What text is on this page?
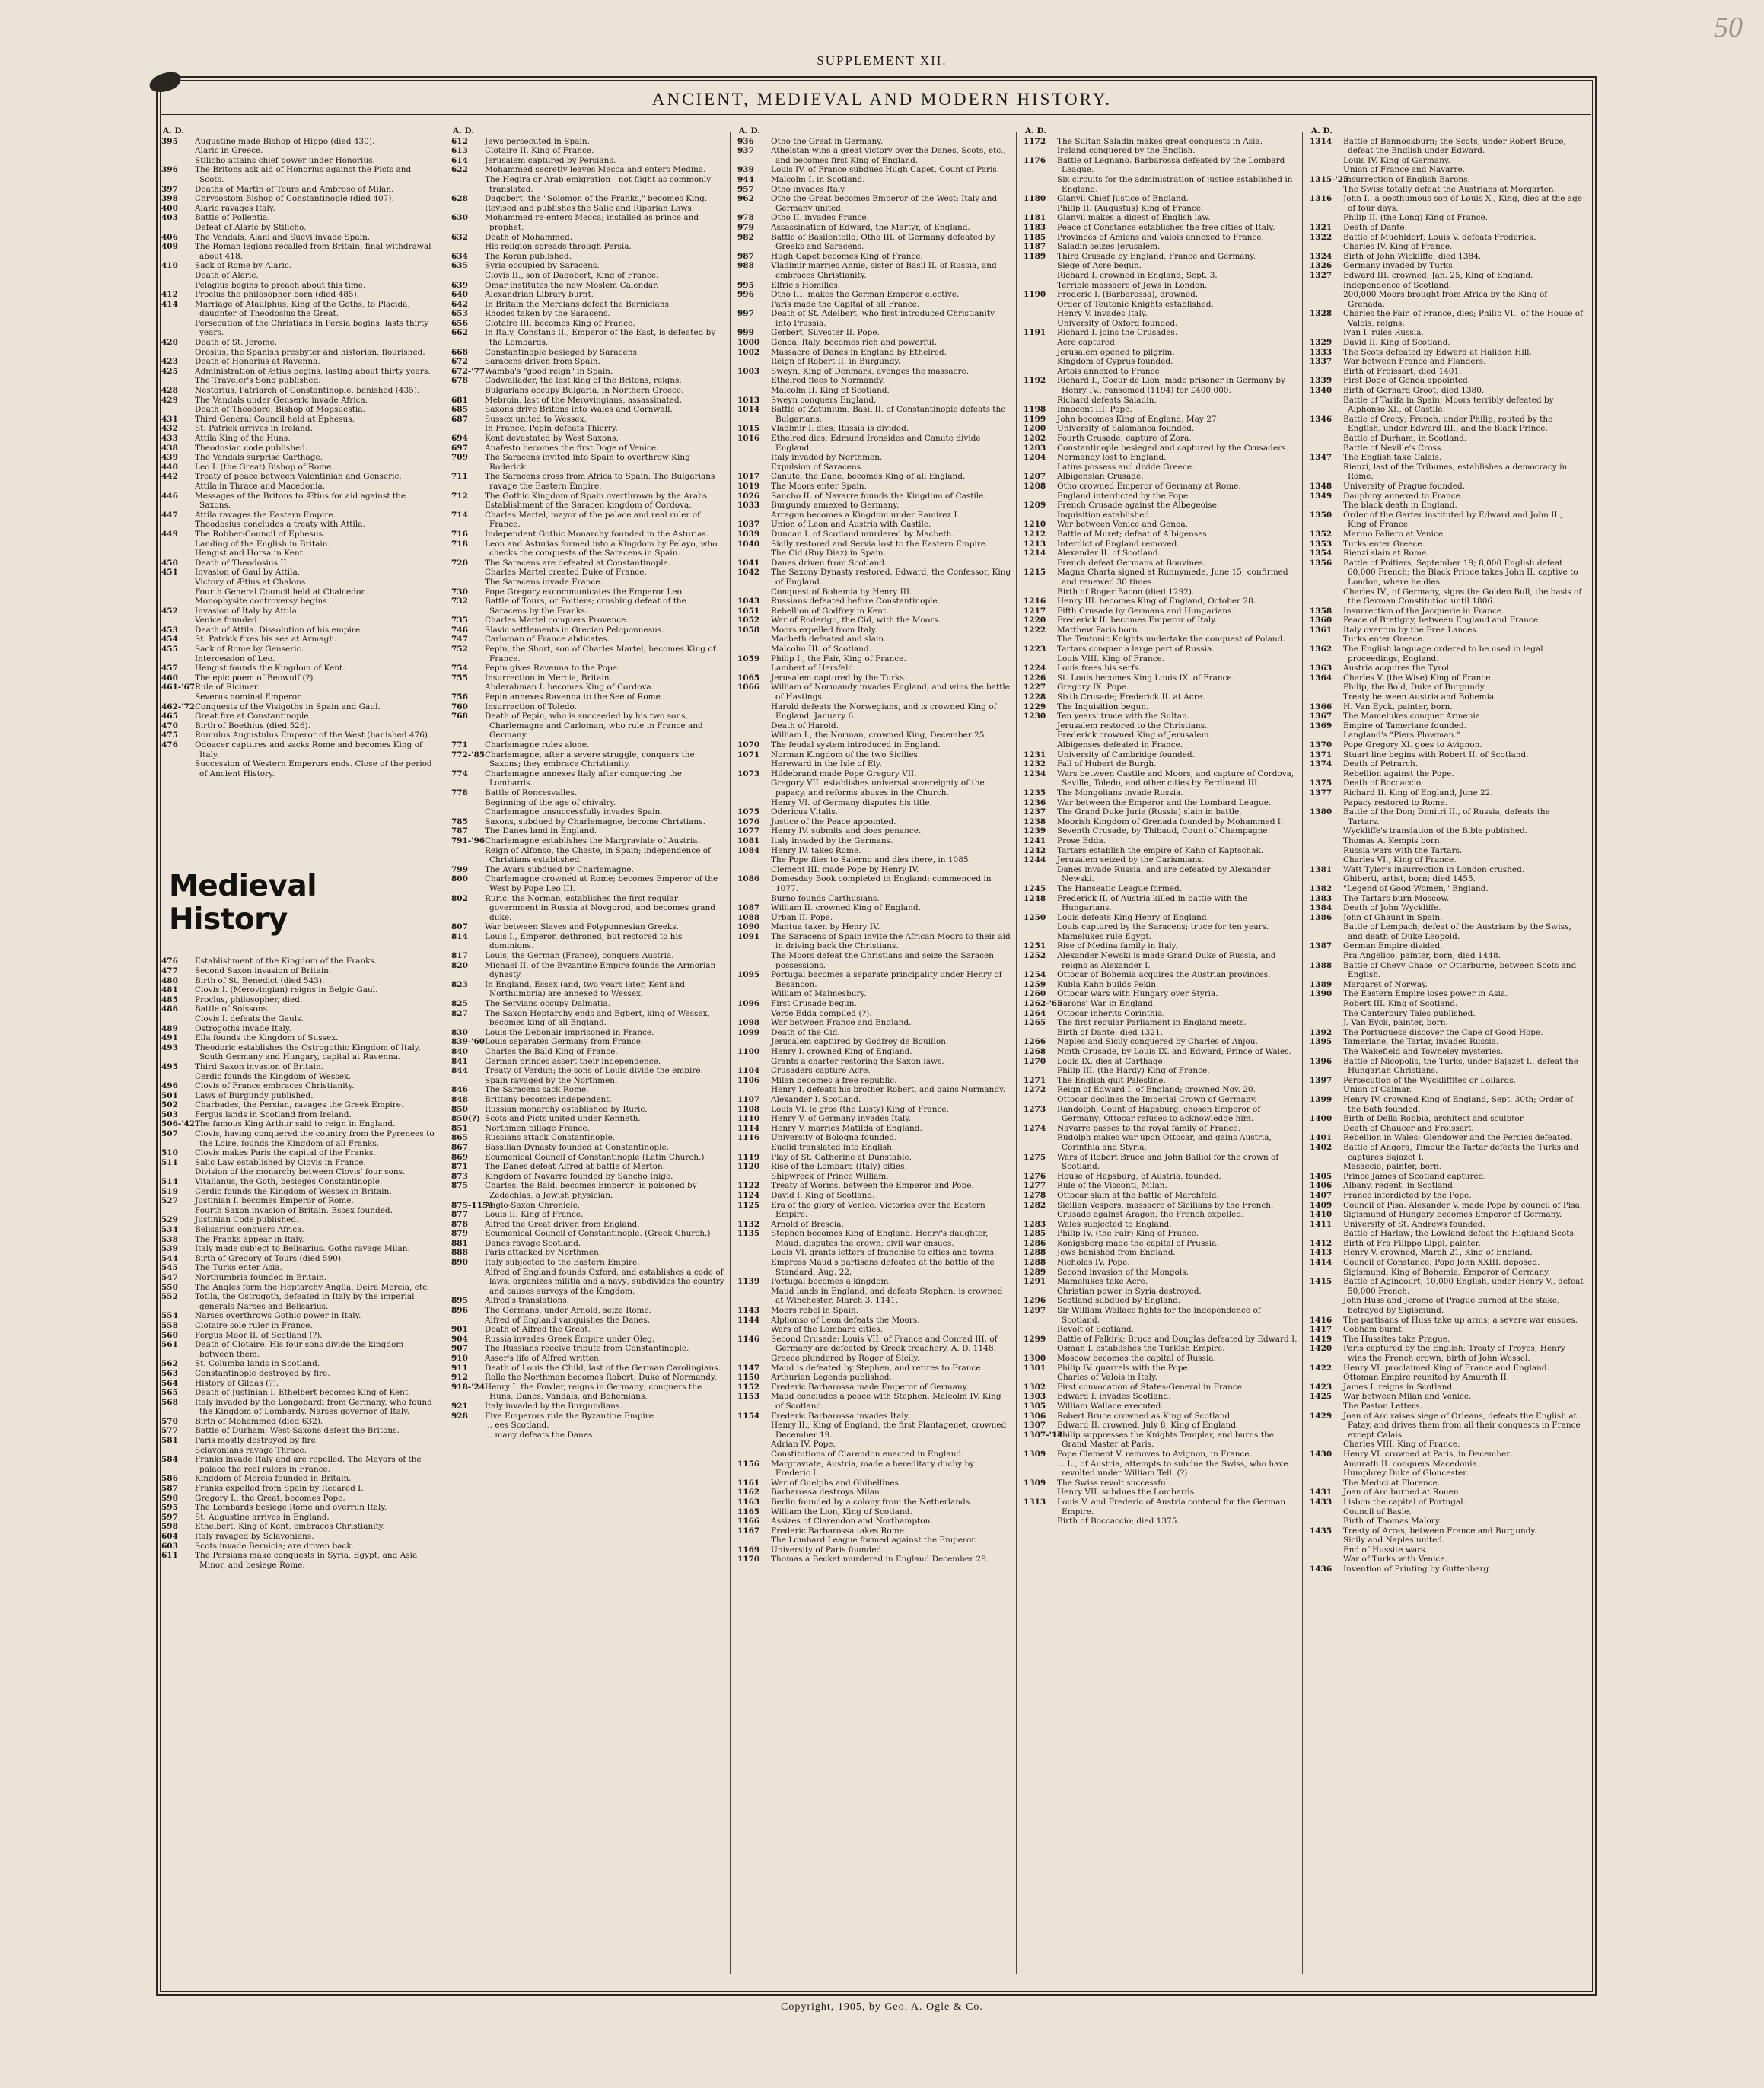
50
SUPPLEMENT XII.
ANCIENT, MEDIEVAL AND MODERN HISTORY.
A. D.
395	Augustine made Bishop of Hippo (died 430).
Alaric in Greece.
Stilicho attains chief power under Honorius.
396	The Britons ask aid of Honorius against the Picts and Scots.
397	Deaths of Martin of Tours and Ambrose of Milan.
398	Chrysostom Bishop of Constantinople (died 407).
400	Alaric ravages Italy.
403	Battle of Pollentia.
Defeat of Alaric by Stilicho.
406	The Vandals, Alani and Suevi invade Spain.
409	The Roman legions recalled from Britain; final withdrawal about 418.
410	Sack of Rome by Alaric.
Death of Alaric.
Pelagius begins to preach about this time.
412	Proclus the philosopher born (died 485).
414	Marriage of Ataulphus, King of the Goths, to Placida, daughter of Theodosius the Great.
Persecution of the Christians in Persia begins; lasts thirty years.
420	Death of St. Jerome.
Orosius, the Spanish presbyter and historian, flourished.
423	Death of Honorius at Ravenna.
425	Administration of Ætius begins, lasting about thirty years.
The Traveler's Song published.
428	Nestorius, Patriarch of Constantinople, banished (435).
429	The Vandals under Genseric invade Africa.
Death of Theodore, Bishop of Mopsuestia.
431	Third General Council held at Ephesus.
432	St. Patrick arrives in Ireland.
433	Attila King of the Huns.
438	Theodosian code published.
439	The Vandals surprise Carthage.
440	Leo I. (the Great) Bishop of Rome.
442	Treaty of peace between Valentinian and Genseric.
Attila in Thrace and Macedonia.
446	Messages of the Britons to Ætius for aid against the Saxons.
447	Attila ravages the Eastern Empire.
Theodosius concludes a treaty with Attila.
449	The Robber-Council of Ephesus.
Landing of the English in Britain.
Hengist and Horsa in Kent.
450	Death of Theodosius II.
451	Invasion of Gaul by Attila.
Victory of Ætius at Chalons.
Fourth General Council held at Chalcedon.
Monophysite controversy begins.
452	Invasion of Italy by Attila.
Venice founded.
453	Death of Attila. Dissolution of his empire.
454	St. Patrick fixes his see at Armagh.
455	Sack of Rome by Genseric.
Intercession of Leo.
457	Hengist founds the Kingdom of Kent.
460	The epic poem of Beowulf (?).
461-'67 Rule of Ricimer.
Severus nominal Emperor.
462-'72 Conquests of the Visigoths in Spain and Gaul.
465	Great fire at Constantinople.
470	Birth of Boethius (died 526).
475	Romulus Augustulus Emperor of the West (banished 476).
476	Odoacer captures and sacks Rome and becomes King of Italy.
Succession of Western Emperors ends. Close of the period of Ancient History.
Medieval History
476	Establishment of the Kingdom of the Franks.
477	Second Saxon invasion of Britain.
480	Birth of St. Benedict (died 543).
481	Clovis I. (Merovingian) reigns in Belgic Gaul.
485	Proclus, philosopher, died.
486	Battle of Soissons.
Clovis I. defeats the Gauls.
489	Ostrogoths invade Italy.
491	Ella founds the Kingdom of Sussex.
493	Theodoric establishes the Ostrogothic Kingdom of Italy, South Germany and Hungary, capital at Ravenna.
495	Third Saxon invasion of Britain.
Cerdic founds the Kingdom of Wessex.
496	Clovis of France embraces Christianity.
501	Laws of Burgundy published.
502	Charbades, the Persian, ravages the Greek Empire.
503	Fergus lands in Scotland from Ireland.
506-'42 The famous King Arthur said to reign in England.
507	Clovis, having conquered the country from the Pyrenees to the Loire, founds the Kingdom of all Franks.
510	Clovis makes Paris the capital of the Franks.
511	Salic Law established by Clovis in France.
Division of the monarchy between Clovis' four sons.
514	Vitalianus, the Goth, besieges Constantinople.
519	Cerdic founds the Kingdom of Wessex in Britain.
527	Justinian I. becomes Emperor of Rome.
Fourth Saxon invasion of Britain. Essex founded.
529	Justinian Code published.
534	Belisarius conquers Africa.
538	The Franks appear in Italy.
539	Italy made subject to Belisarius. Goths ravage Milan.
544	Birth of Gregory of Tours (died 590).
545	The Turks enter Asia.
547	Northumbria founded in Britain.
550	The Angles form the Heptarchy Anglia, Deira Mercia, etc.
552	Totila, the Ostrogoth, defeated in Italy by the imperial generals Narses and Belisarius.
554	Narses overthrows Gothic power in Italy.
558	Clotaire sole ruler in France.
560	Fergus Moor II. of Scotland (?).
561	Death of Clotaire. His four sons divide the kingdom between them.
562	St. Columba lands in Scotland.
563	Constantinople destroyed by fire.
564	History of Gildas (?).
565	Death of Justinian I. Ethelbert becomes King of Kent.
568	Italy invaded by the Longobardi from Germany, who found the Kingdom of Lombardy. Narses governor of Italy.
570	Birth of Mohammed (died 632).
577	Battle of Durham; West-Saxons defeat the Britons.
581	Paris mostly destroyed by fire.
Sclavonians ravage Thrace.
584	Franks invade Italy and are repelled. The Mayors of the palace the real rulers in France.
586	Kingdom of Mercia founded in Britain.
587	Franks expelled from Spain by Recared I.
590	Gregory I., the Great, becomes Pope.
595	The Lombards besiege Rome and overrun Italy.
597	St. Augustine arrives in England.
598	Ethelbert, King of Kent, embraces Christianity.
604	Italy ravaged by Sclavonians.
603	Scots invade Bernicia; are driven back.
611	The Persians make conquests in Syria, Egypt, and Asia Minor, and besiege Rome.
A. D.
612	Jews persecuted in Spain.
613	Clotaire II. King of France.
614	Jerusalem captured by Persians.
622	Mohammed secretly leaves Mecca and enters Medina.
The Hegira or Arab emigration—not flight as commonly translated.
628	Dagobert, the "Solomon of the Franks," becomes King.
Revised and publishes the Salic and Riparian Laws.
630	Mohammed re-enters Mecca; installed as prince and prophet.
632	Death of Mohammed.
His religion spreads through Persia.
634	The Koran published.
635	Syria occupied by Saracens.
Clovis II., son of Dagobert, King of France.
639	Omar institutes the new Moslem Calendar.
640	Alexandrian Library burnt.
642	In Britain the Mercians defeat the Bernicians.
653	Rhodes taken by the Saracens.
656	Clotaire III. becomes King of France.
662	In Italy, Constans II., Emperor of the East, is defeated by the Lombards.
668	Constantinople besieged by Saracens.
672	Saracens driven from Spain.
672-'77 Wamba's "good reign" in Spain.
678	Cadwallader, the last king of the Britons, reigns.
Bulgarians occupy Bulgaria, in Northern Greece.
681	Mebroin, last of the Merovingians, assassinated.
685	Saxons drive Britons into Wales and Cornwall.
687	Sussex united to Wessex.
In France, Pepin defeats Thierry.
694	Kent devastated by West Saxons.
697	Anafesto becomes the first Doge of Venice.
709	The Saracens invited into Spain to overthrow King Roderick.
711	The Saracens cross from Africa to Spain. The Bulgarians ravage the Eastern Empire.
712	The Gothic Kingdom of Spain overthrown by the Arabs.
Establishment of the Saracen kingdom of Cordova.
714	Charles Martel, mayor of the palace and real ruler of France.
716	Independent Gothic Monarchy founded in the Asturias.
718	Leon and Asturias formed into a Kingdom by Pelayo, who checks the conquests of the Saracens in Spain.
720	The Saracens are defeated at Constantinople.
Charles Martel created Duke of France.
The Saracens invade France.
730	Pope Gregory excommunicates the Emperor Leo.
732	Battle of Tours, or Poitiers; crushing defeat of the Saracens by the Franks.
735	Charles Martel conquers Provence.
746	Slavic settlements in Grecian Peloponnesus.
747	Carloman of France abdicates.
752	Pepin, the Short, son of Charles Martel, becomes King of France.
754	Pepin gives Ravenna to the Pope.
755	Insurrection in Mercia, Britain.
Abderahman I. becomes King of Cordova.
756	Pepin annexes Ravenna to the See of Rome.
760	Insurrection of Toledo.
768	Death of Pepin, who is succeeded by his two sons, Charlemagne and Carloman, who rule in France and Germany.
771	Charlemagne rules alone.
772-'85 Charlemagne, after a severe struggle, conquers the Saxons; they embrace Christianity.
774	Charlemagne annexes Italy after conquering the Lombards.
778	Battle of Roncesvalles.
Beginning of the age of chivalry.
Charlemagne unsuccessfully invades Spain.
785	Saxons, subdued by Charlemagne, become Christians.
787	The Danes land in England.
791-'96 Charlemagne establishes the Margraviate of Austria.
Reign of Alfonso, the Chaste, in Spain; independence of Christians established.
799	The Avars subdued by Charlemagne.
800	Charlemagne crowned at Rome; becomes Emperor of the West by Pope Leo III.
802	Ruric, the Norman, establishes the first regular government in Russia at Novgorod, and becomes grand duke.
807	War between Slaves and Polyponnesian Greeks.
814	Louis I., Emperor, dethroned, but restored to his dominions.
817	Louis, the German (France), conquers Austria.
820	Michael II. of the Byzantine Empire founds the Armorian dynasty.
823	In England, Essex (and, two years later, Kent and Northumbria) are annexed to Wessex.
825	The Servians occupy Dalmatia.
827	The Saxon Heptarchy ends and Egbert, king of Wessex, becomes king of all England.
830	Louis the Debonair imprisoned in France.
839-'60 Louis separates Germany from France.
840	Charles the Bald King of France.
841	German princes assert their independence.
844	Treaty of Verdun; the sons of Louis divide the empire.
Spain ravaged by the Northmen.
846	The Saracens sack Rome.
848	Brittany becomes independent.
850	Russian monarchy established by Ruric.
850(?) Scots and Picts united under Kenneth.
851	Northmen pillage France.
865	Russians attack Constantinople.
867	Bassilian Dynasty founded at Constantinople.
869	Ecumenical Council of Constantinople (Latin Church.)
871	The Danes defeat Alfred at battle of Merton.
873	Kingdom of Navarre founded by Sancho Inigo.
875	Charles, the Bald, becomes Emperor; is poisoned by Zedechias, a Jewish physician.
875-1154
Anglo-Saxon Chronicle.
877	Louis II. King of France.
878	Alfred the Great driven from England.
879	Ecumenical Council of Constantinople. (Greek Church.)
881	Danes ravage Scotland.
888	Paris attacked by Northmen.
890	Italy subjected to the Eastern Empire.
Alfred of England founds Oxford, and establishes a code of laws; organizes militia and a navy; subdivides the country and causes surveys of the Kingdom.
895	Alfred's translations.
896	The Germans, under Arnold, seize Rome.
Alfred of England vanquishes the Danes.
901	Death of Alfred the Great.
904	Russia invades Greek Empire under Oleg.
907	The Russians receive tribute from Constantinople.
910	Asser's life of Alfred written.
911	Death of Louis the Child, last of the German Carolingians.
912	Rollo the Northman becomes Robert, Duke of Normandy.
918-'24 Henry I. the Fowler, reigns in Germany; conquers the Huns, Danes, Vandals, and Bohemians.
921	Italy invaded by the Burgundians.
928	Five Emperors rule the Byzantine Empire
... ees Scotland.
... many defeats the Danes.
A. D.
936	Otho the Great in Germany.
937	Athelstan wins a great victory over the Danes, Scots, etc., and becomes first King of England.
939	Louis IV. of France subdues Hugh Capet, Count of Paris.
944	Malcolm I. in Scotland.
957	Otho invades Italy.
962	Otho the Great becomes Emperor of the West; Italy and Germany united.
978	Otho II. invades France.
979	Assassination of Edward, the Martyr, of England.
982	Battle of Basilentello; Otho III. of Germany defeated by Greeks and Saracens.
987	Hugh Capet becomes King of France.
988	Vladimir marries Annie, sister of Basil II. of Russia, and embraces Christianity.
995	Elfric's Homilies.
996	Otho III. makes the German Emperor elective.
Paris made the Capital of all France.
997	Death of St. Adelbert, who first introduced Christianity into Prussia.
999	Gerbert, Silvester II. Pope.
1000	Genoa, Italy, becomes rich and powerful.
1002	Massacre of Danes in England by Ethelred.
Reign of Robert II. in Burgundy.
1003	Sweyn, King of Denmark, avenges the massacre.
Ethelred flees to Normandy.
Malcolm II. King of Scotland.
1013	Sweyn conquers England.
1014	Battle of Zetunium; Basil II. of Constantinople defeats the Bulgarians.
1015	Vladimir I. dies; Russia is divided.
1016	Ethelred dies; Edmund Ironsides and Canute divide England.
Italy invaded by Northmen.
Expulsion of Saracens.
1017	Canute, the Dane, becomes King of all England.
1019	The Moors enter Spain.
1026	Sancho II. of Navarre founds the Kingdom of Castile.
1033	Burgundy annexed to Germany.
Arragon becomes a Kingdom under Ramirez I.
1037	Union of Leon and Austria with Castile.
1039	Duncan I. of Scotland murdered by Macbeth.
1040	Sicily restored and Servia lost to the Eastern Empire.
The Cid (Ruy Diaz) in Spain.
1041	Danes driven from Scotland.
1042	The Saxony Dynasty restored. Edward, the Confessor, King of England.
Conquest of Bohemia by Henry III.
1043	Russians defeated before Constantinople.
1051	Rebellion of Godfrey in Kent.
1052	War of Roderigo, the Cid, with the Moors.
1058	Moors expelled from Italy.
Macbeth defeated and slain.
Malcolm III. of Scotland.
1059	Philip I., the Fair, King of France.
Lambert of Hersfeld.
1065	Jerusalem captured by the Turks.
1066	William of Normandy invades England, and wins the battle of Hastings.
Harold defeats the Norwegians, and is crowned King of England, January 6.
Death of Harold.
William I., the Norman, crowned King, December 25.
1070	The feudal system introduced in England.
1071	Norman Kingdom of the two Sicilies.
Hereward in the Isle of Ely.
1073	Hildebrand made Pope Gregory VII.
Gregory VII. establishes universal sovereignty of the papacy, and reforms abuses in the Church.
Henry VI. of Germany disputes his title.
1075	Odericus Vitalis.
1076	Justice of the Peace appointed.
1077	Henry IV. submits and does penance.
1081	Italy invaded by the Germans.
1084	Henry IV. takes Rome.
The Pope flies to Salerno and dies there, in 1085.
Clement III. made Pope by Henry IV.
1086	Domesday Book completed in England; commenced in 1077.
Burno founds Carthusians.
1087	William II. crowned King of England.
1088	Urban II. Pope.
1090	Mantua taken by Henry IV.
1091	The Saracens of Spain invite the African Moors to their aid in driving back the Christians.
The Moors defeat the Christians and seize the Saracen possessions.
1095	Portugal becomes a separate principality under Henry of Besancon.
William of Malmesbury.
1096	First Crusade begun.
Verse Edda compiled (?).
1098	War between France and England.
1099	Death of the Cid.
Jerusalem captured by Godfrey de Bouillon.
1100	Henry I. crowned King of England.
Grants a charter restoring the Saxon laws.
1104	Crusaders capture Acre.
1106	Milan becomes a free republic.
Henry I. defeats his brother Robert, and gains Normandy.
1107	Alexander I. Scotland.
1108	Louis VI. le gros (the Lusty) King of France.
1110	Henry V. of Germany invades Italy.
1114	Henry V. marries Matilda of England.
1116	University of Bologna founded.
Euclid translated into English.
1119	Play of St. Catherine at Dunstable.
1120	Rise of the Lombard (Italy) cities.
Shipwreck of Prince William.
1122	Treaty of Worms, between the Emperor and Pope.
1124	David I. King of Scotland.
1125	Era of the glory of Venice. Victories over the Eastern Empire.
1132	Arnold of Brescia.
1135	Stephen becomes King of England. Henry's daughter, Maud, disputes the crown; civil war ensues.
Louis VI. grants letters of franchise to cities and towns.
Empress Maud's partisans defeated at the battle of the Standard, Aug. 22.
1139	Portugal becomes a kingdom.
Maud lands in England, and defeats Stephen; is crowned at Winchester, March 3, 1141.
1143	Moors rebel in Spain.
1144	Alphonso of Leon defeats the Moors.
Wars of the Lombard cities.
1146	Second Crusade: Louis VII. of France and Conrad III. of Germany are defeated by Greek treachery, A. D. 1148.
Greece plundered by Roger of Sicily.
1147	Maud is defeated by Stephen, and retires to France.
1150	Arthurian Legends published.
1152	Frederic Barbarossa made Emperor of Germany.
1153	Maud concludes a peace with Stephen. Malcolm IV. King of Scotland.
1154	Frederic Barbarossa invades Italy.
Henry II., King of England, the first Plantagenet, crowned December 19.
Adrian IV. Pope.
Constitutions of Clarendon enacted in England.
1156	Margraviate, Austria, made a hereditary duchy by Frederic I.
1161	War of Guelphs and Ghibellines.
1162	Barbarossa destroys Milan.
1163	Berlin founded by a colony from the Netherlands.
1165	William the Lion, King of Scotland.
1166	Assizes of Clarendon and Northampton.
1167	Frederic Barbarossa takes Rome.
The Lombard League formed against the Emperor.
1169	University of Paris founded.
1170	Thomas a Becket murdered in England December 29.
A. D.
1172	The Sultan Saladin makes great conquests in Asia.
Ireland conquered by the English.
1176	Battle of Legnano. Barbarossa defeated by the Lombard League.
Six circuits for the administration of justice established in England.
1180	Glanvil Chief Justice of England.
Philip II. (Augustus) King of France.
1181	Glanvil makes a digest of English law.
1183	Peace of Constance establishes the free cities of Italy.
1185	Provinces of Amiens and Valois annexed to France.
1187	Saladin seizes Jerusalem.
1189	Third Crusade by England, France and Germany.
Siege of Acre begun.
Richard I. crowned in England, Sept. 3.
Terrible massacre of Jews in London.
1190	Frederic I. (Barbarossa), drowned.
Order of Teutonic Knights established.
Henry V. invades Italy.
University of Oxford founded.
1191	Richard I. joins the Crusades.
Acre captured.
Jerusalem opened to pilgrim.
Kingdom of Cyprus founded.
Artois annexed to France.
1192	Richard I., Coeur de Lion, made prisoner in Germany by Henry IV.; ransomed (1194) for £400,000.
Richard defeats Saladin.
1198	Innocent III. Pope.
1199	John becomes King of England, May 27.
1200	University of Salamanca founded.
1202	Fourth Crusade; capture of Zora.
1203	Constantinople besieged and captured by the Crusaders.
1204	Normandy lost to England.
Latins possess and divide Greece.
1207	Albigensian Crusade.
1208	Otho crowned Emperor of Germany at Rome.
England interdicted by the Pope.
1209	French Crusade against the Albegeoise.
Inquisition established.
1210	War between Venice and Genoa.
1212	Battle of Muret; defeat of Albigenses.
1213	Interdict of England removed.
1214	Alexander II. of Scotland.
French defeat Germans at Bouvines.
1215	Magna Charta signed at Runnymede, June 15; confirmed and renewed 30 times.
Birth of Roger Bacon (died 1292).
1216	Henry III. becomes King of England, October 28.
1217	Fifth Crusade by Germans and Hungarians.
1220	Frederick II. becomes Emperor of Italy.
1222	Matthew Paris born.
The Teutonic Knights undertake the conquest of Poland.
1223	Tartars conquer a large part of Russia.
Louis VIII. King of France.
1224	Louis frees his serfs.
1226	St. Louis becomes King Louis IX. of France.
1227	Gregory IX. Pope.
1228	Sixth Crusade; Frederick II. at Acre.
1229	The Inquisition begun.
1230	Ten years' truce with the Sultan.
Jerusalem restored to the Christians.
Frederick crowned King of Jerusalem.
Albigenses defeated in France.
1231	University of Cambridge founded.
1232	Fall of Hubert de Burgh.
1234	Wars between Castile and Moors, and capture of Cordova, Seville, Toledo, and other cities by Ferdinand III.
1235	The Mongolians invade Russia.
1236	War between the Emperor and the Lombard League.
1237	The Grand Duke Jurie (Russia) slain in battle.
1238	Moorish Kingdom of Grenada founded by Mohammed I.
1239	Seventh Crusade, by Thibaud, Count of Champagne.
1241	Prose Edda.
1242	Tartars establish the empire of Kahn of Kaptschak.
1244	Jerusalem seized by the Carismians.
Danes invade Russia, and are defeated by Alexander Newski.
1245	The Hanseatic League formed.
1248	Frederick II. of Austria killed in battle with the Hungarians.
1250	Louis defeats King Henry of England.
Louis captured by the Saracens; truce for ten years.
Mamelukes rule Egypt.
1251	Rise of Medina family in Italy.
1252	Alexander Newski is made Grand Duke of Russia, and reigns as Alexander I.
1254	Ottocar of Bohemia acquires the Austrian provinces.
1259	Kubla Kahn builds Pekin.
1260	Ottocar wars with Hungary over Styria.
1262-'65
Barons' War in England.
1264	Ottocar inherits Corinthia.
1265	The first regular Parliament in England meets.
Birth of Dante; died 1321.
1266	Naples and Sicily conquered by Charles of Anjou.
1268	Ninth Crusade, by Louis IX. and Edward, Prince of Wales.
1270	Louis IX. dies at Carthage.
Philip III. (the Hardy) King of France.
1271	The English quit Palestine.
1272	Reign of Edward I. of England; crowned Nov. 20.
Ottocar declines the Imperial Crown of Germany.
1273	Randolph, Count of Hapsburg, chosen Emperor of Germany; Ottocar refuses to acknowledge him.
1274	Navarre passes to the royal family of France.
Rudolph makes war upon Ottocar, and gains Austria, Corinthia and Styria.
1275	Wars of Robert Bruce and John Balliol for the crown of Scotland.
1276	House of Hapsburg, of Austria, founded.
1277	Rule of the Visconti, Milan.
1278	Ottocar slain at the battle of Marchfeld.
1282	Sicilian Vespers, massacre of Sicilians by the French.
Crusade against Aragon; the French expelled.
1283	Wales subjected to England.
1285	Philip IV. (the Fair) King of France.
1286	Konigsberg made the capital of Prussia.
1288	Jews banished from England.
1288	Nicholas IV. Pope.
1289	Second invasion of the Mongols.
1291	Mamelukes take Acre.
Christian power in Syria destroyed.
1296	Scotland subdued by England.
1297	Sir William Wallace fights for the independence of Scotland.
Revolt of Scotland.
1299	Battle of Falkirk; Bruce and Douglas defeated by Edward I.
Osman I. establishes the Turkish Empire.
1300	Moscow becomes the capital of Russia.
1301	Philip IV. quarrels with the Pope.
Charles of Valois in Italy.
1302	First convocation of States-General in France.
1303	Edward I. invades Scotland.
1305	William Wallace executed.
1306	Robert Bruce crowned as King of Scotland.
1307	Edward II. crowned, July 8, King of England.
1307-'14
Philip suppresses the Knights Templar, and burns the Grand Master at Paris.
1309	Pope Clement V. removes to Avignon, in France.
... L., of Austria, attempts to subdue the Swiss, who have revolted under William Tell. (?)
1309	The Swiss revolt successful.
Henry VII. subdues the Lombards.
1313	Louis V. and Frederic of Austria contend for the German Empire.
Birth of Boccaccio; died 1375.
A. D.
1314	Battle of Bannockburn; the Scots, under Robert Bruce, defeat the English under Edward.
Louis IV. King of Germany.
Union of France and Navarre.
1315-'25
Insurrection of English Barons.
The Swiss totally defeat the Austrians at Morgarten.
1316	John I., a posthumous son of Louis X., King, dies at the age of four days.
Philip II. (the Long) King of France.
1321	Death of Dante.
1322	Battle of Muehldorf; Louis V. defeats Frederick.
Charles IV. King of France.
1324	Birth of John Wickliffe; died 1384.
1326	Germany invaded by Turks.
1327	Edward III. crowned, Jan. 25, King of England.
Independence of Scotland.
200,000 Moors brought from Africa by the King of Grenada.
1328	Charles the Fair, of France, dies; Philip VI., of the House of Valois, reigns.
Ivan I. rules Russia.
1329	David II. King of Scotland.
1333	The Scots defeated by Edward at Halidon Hill.
1337	War between France and Flanders.
Birth of Froissart; died 1401.
1339	First Doge of Genoa appointed.
1340	Birth of Gerhard Groot; died 1380.
Battle of Tarifa in Spain; Moors terribly defeated by Alphonso XI., of Castile.
1346	Battle of Crecy; French, under Philip, routed by the English, under Edward III., and the Black Prince.
Battle of Durham, in Scotland.
Battle of Neville's Cross.
1347	The English take Calais.
Rienzi, last of the Tribunes, establishes a democracy in Rome.
1348	University of Prague founded.
1349	Dauphiny annexed to France.
The black death in England.
1350	Order of the Garter instituted by Edward and John II., King of France.
1352	Marino Faliero at Venice.
1353	Turks enter Greece.
1354	Rienzi slain at Rome.
1356	Battle of Poitiers, September 19; 8,000 English defeat 60,000 French; the Black Prince takes John II. captive to London, where he dies.
Charles IV., of Germany, signs the Golden Bull, the basis of the German Constitution until 1806.
1358	Insurrection of the Jacquerie in France.
1360	Peace of Bretigny, between England and France.
1361	Italy overrun by the Free Lances.
Turks enter Greece.
1362	The English language ordered to be used in legal proceedings, England.
1363	Austria acquires the Tyrol.
1364	Charles V. (the Wise) King of France.
Philip, the Bold, Duke of Burgundy.
Treaty between Austria and Bohemia.
1366	H. Van Eyck, painter, born.
1367	The Mamelukes conquer Armenia.
1369	Empire of Tamerlane founded.
Langland's "Piers Plowman."
1370	Pope Gregory XI. goes to Avignon.
1371	Stuart line begins with Robert II. of Scotland.
1374	Death of Petrarch.
Rebellion against the Pope.
1375	Death of Boccaccio.
1377	Richard II. King of England, June 22.
Papacy restored to Rome.
1380	Battle of the Don; Dimitri II., of Russia, defeats the Tartars.
Wyckliffe's translation of the Bible published.
Thomas A. Kempis born.
Russia wars with the Tartars.
Charles VI., King of France.
1381	Watt Tyler's insurrection in London crushed.
Ghiberti, artist, born; died 1455.
1382	"Legend of Good Women," England.
1383	The Tartars burn Moscow.
1384	Death of John Wyckliffe.
1386	John of Ghaunt in Spain.
Battle of Lempach; defeat of the Austrians by the Swiss, and death of Duke Leopold.
1387	German Empire divided.
Fra Angelico, painter, born; died 1448.
1388	Battle of Chevy Chase, or Otterburne, between Scots and English.
1389	Margaret of Norway.
1390	The Eastern Empire loses power in Asia.
Robert III. King of Scotland.
The Canterbury Tales published.
J. Van Eyck, painter, born.
1392	The Portuguese discover the Cape of Good Hope.
1395	Tamerlane, the Tartar, invades Russia.
The Wakefield and Towneley mysteries.
1396	Battle of Nicopolis, the Turks, under Bajazet I., defeat the Hungarian Christians.
1397	Persecution of the Wyckliffites or Lollards.
Union of Calmar.
1399	Henry IV. crowned King of England, Sept. 30th; Order of the Bath founded.
1400	Birth of Della Robbia, architect and sculptor.
Death of Chaucer and Froissart.
1401	Rebellion in Wales; Glendower and the Percies defeated.
1402	Battle of Angora, Timour the Tartar defeats the Turks and captures Bajazet I.
Masaccio, painter, born.
1405	Prince James of Scotland captured.
1406	Albany, regent, in Scotland.
1407	France interdicted by the Pope.
1409	Council of Pisa. Alexander V. made Pope by council of Pisa.
1410	Sigismund of Hungary becomes Emperor of Germany.
1411	University of St. Andrews founded.
Battle of Harlaw; the Lowland defeat the Highland Scots.
1412	Birth of Fra Filippo Lippi, painter.
1413	Henry V. crowned, March 21, King of England.
1414	Council of Constance; Pope John XXIII. deposed.
Sigismund, King of Bohemia, Emperor of Germany.
1415	Battle of Agincourt; 10,000 English, under Henry V., defeat 50,000 French.
John Huss and Jerome of Prague burned at the stake, betrayed by Sigismund.
1416	The partisans of Huss take up arms; a severe war ensues.
1417	Cobham burnt.
1419	The Hussites take Prague.
1420	Paris captured by the English; Treaty of Troyes; Henry wins the French crown; birth of John Wessel.
1422	Henry VI. proclaimed King of France and England.
Ottoman Empire reunited by Amurath II.
1423	James I. reigns in Scotland.
1425	War between Milan and Venice.
The Paston Letters.
1429	Joan of Arc raises siege of Orleans, defeats the English at Patay, and drives them from all their conquests in France except Calais.
Charles VIII. King of France.
1430	Henry VI. crowned at Paris, in December.
Amurath II. conquers Macedonia.
Humphrey Duke of Gloucester.
The Medici at Florence.
1431	Joan of Arc burned at Rouen.
1433	Lisbon the capital of Portugal.
Council of Basle.
Birth of Thomas Malory.
1435	Treaty of Arras, between France and Burgundy.
Sicily and Naples united.
End of Hussite wars.
War of Turks with Venice.
1436	Invention of Printing by Guttenberg.
Copyright, 1905, by Geo. A. Ogle & Co.
